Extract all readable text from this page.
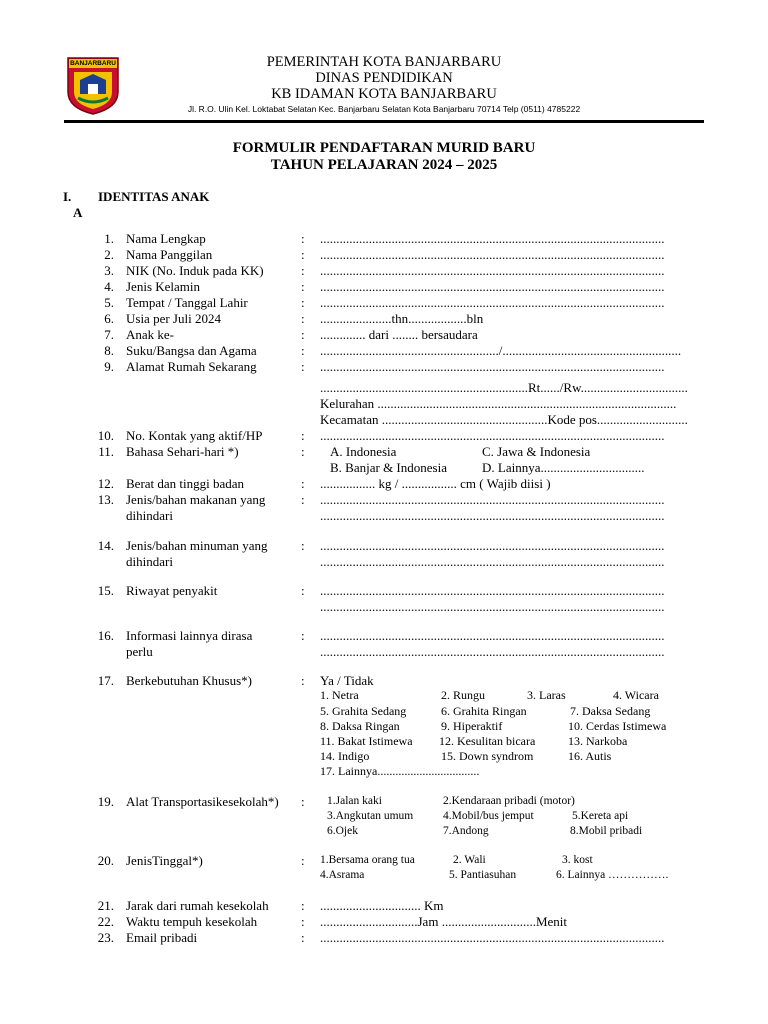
BANJARBARU	PEMERINTAH KOTA BANJARBARU
DINAS PENDIDIKAN
KB IDAMAN KOTA BANJARBARU
Jl. R.O. Ulin Kel. Loktabat Selatan Kec. Banjarbaru Selatan Kota Banjarbaru 70714 Telp (0511) 4785222
FORMULIR PENDAFTARAN MURID BARU
TAHUN PELAJARAN 2024 – 2025
I. IDENTITAS ANAK
A
1. Nama Lengkap	: ..........................................................................................................
2. Nama Panggilan	: ..........................................................................................................
3. NIK (No. Induk pada KK)	: ..........................................................................................................
4. Jenis Kelamin	: ..........................................................................................................
5. Tempat / Tanggal Lahir	: ..........................................................................................................
6. Usia per Juli 2024	: ......................thn..................bln
7. Anak ke-	: .............. dari ........ bersaudara
8. Suku/Bangsa dan Agama	: ......................................................./.......................................................
9. Alamat Rumah Sekarang	: ..........................................................................................................
................................................................Rt....../Rw.................................
Kelurahan ............................................................................................
Kecamatan ...................................................Kode pos............................
10. No. Kontak yang aktif/HP	: ..........................................................................................................
11. Bahasa Sehari-hari *)	: A. Indonesia	C. Jawa & Indonesia
B. Banjar & Indonesia	D. Lainnya................................
12. Berat dan tinggi badan	: ................. kg / ................. cm ( Wajib diisi )
13. Jenis/bahan makanan yang
dihindari
: ..........................................................................................................
..........................................................................................................
14. Jenis/bahan minuman yang
dihindari
: ..........................................................................................................
..........................................................................................................
15. Riwayat penyakit	: ..........................................................................................................
..........................................................................................................
16. Informasi lainnya dirasa
perlu
: ..........................................................................................................
..........................................................................................................
17. Berkebutuhan Khusus*)	: Ya / Tidak
1. Netra	2. Rungu	3. Laras	4. Wicara
5. Grahita Sedang	6. Grahita Ringan	7. Daksa Sedang
8. Daksa Ringan	9. Hiperaktif	10. Cerdas Istimewa
11. Bakat Istimewa 12. Kesulitan bicara	13. Narkoba
14. Indigo	15. Down syndrom	16. Autis
17. Lainnya..................................
19. Alat Transportasikesekolah*) : 1.Jalan kaki	2.Kendaraan pribadi (motor)
3.Angkutan umum	4.Mobil/bus jemput	5.Kereta api
6.Ojek	7.Andong	8.Mobil pribadi
20. JenisTinggal*)	: 1.Bersama orang tua	2. Wali	3. kost
4.Asrama	5. Pantiasuhan	6. Lainnya …………….
21. Jarak dari rumah kesekolah : ............................... Km
22. Waktu tempuh kesekolah	: ..............................Jam .............................Menit
23. Email pribadi	: ..........................................................................................................
